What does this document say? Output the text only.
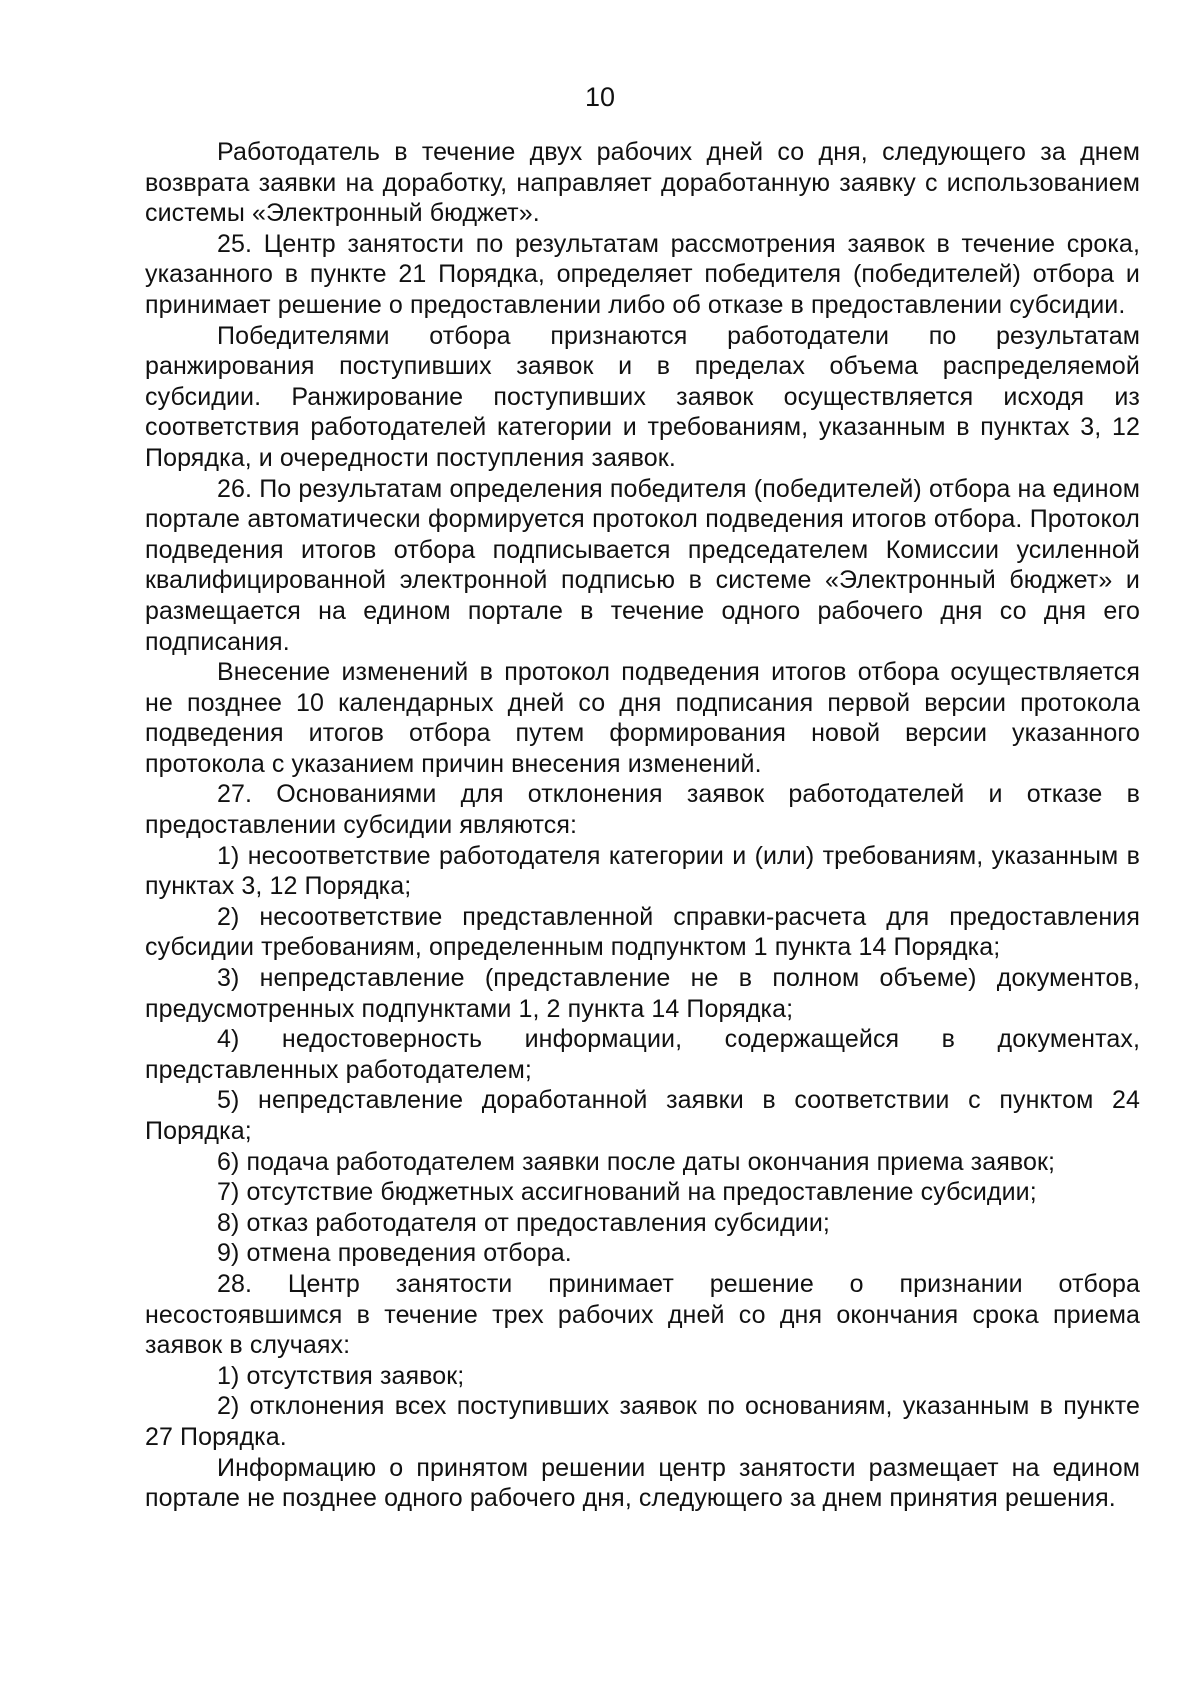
10

Работодатель в течение двух рабочих дней со дня, следующего за днем возврата заявки на доработку, направляет доработанную заявку с использованием системы «Электронный бюджет».

25. Центр занятости по результатам рассмотрения заявок в течение срока, указанного в пункте 21 Порядка, определяет победителя (победителей) отбора и принимает решение о предоставлении либо об отказе в предоставлении субсидии.

Победителями отбора признаются работодатели по результатам ранжирования поступивших заявок и в пределах объема распределяемой субсидии. Ранжирование поступивших заявок осуществляется исходя из соответствия работодателей категории и требованиям, указанным в пунктах 3, 12 Порядка, и очередности поступления заявок.

26. По результатам определения победителя (победителей) отбора на едином портале автоматически формируется протокол подведения итогов отбора. Протокол подведения итогов отбора подписывается председателем Комиссии усиленной квалифицированной электронной подписью в системе «Электронный бюджет» и размещается на едином портале в течение одного рабочего дня со дня его подписания.

Внесение изменений в протокол подведения итогов отбора осуществляется не позднее 10 календарных дней со дня подписания первой версии протокола подведения итогов отбора путем формирования новой версии указанного протокола с указанием причин внесения изменений.

27. Основаниями для отклонения заявок работодателей и отказе в предоставлении субсидии являются:

1) несоответствие работодателя категории и (или) требованиям, указанным в пунктах 3, 12 Порядка;

2) несоответствие представленной справки-расчета для предоставления субсидии требованиям, определенным подпунктом 1 пункта 14 Порядка;

3) непредставление (представление не в полном объеме) документов, предусмотренных подпунктами 1, 2 пункта 14 Порядка;

4) недостоверность информации, содержащейся в документах, представленных работодателем;

5) непредставление доработанной заявки в соответствии с пунктом 24 Порядка;

6) подача работодателем заявки после даты окончания приема заявок;

7) отсутствие бюджетных ассигнований на предоставление субсидии;

8) отказ работодателя от предоставления субсидии;

9) отмена проведения отбора.

28. Центр занятости принимает решение о признании отбора несостоявшимся в течение трех рабочих дней со дня окончания срока приема заявок в случаях:

1) отсутствия заявок;

2) отклонения всех поступивших заявок по основаниям, указанным в пункте 27 Порядка.

Информацию о принятом решении центр занятости размещает на едином портале не позднее одного рабочего дня, следующего за днем принятия решения.
